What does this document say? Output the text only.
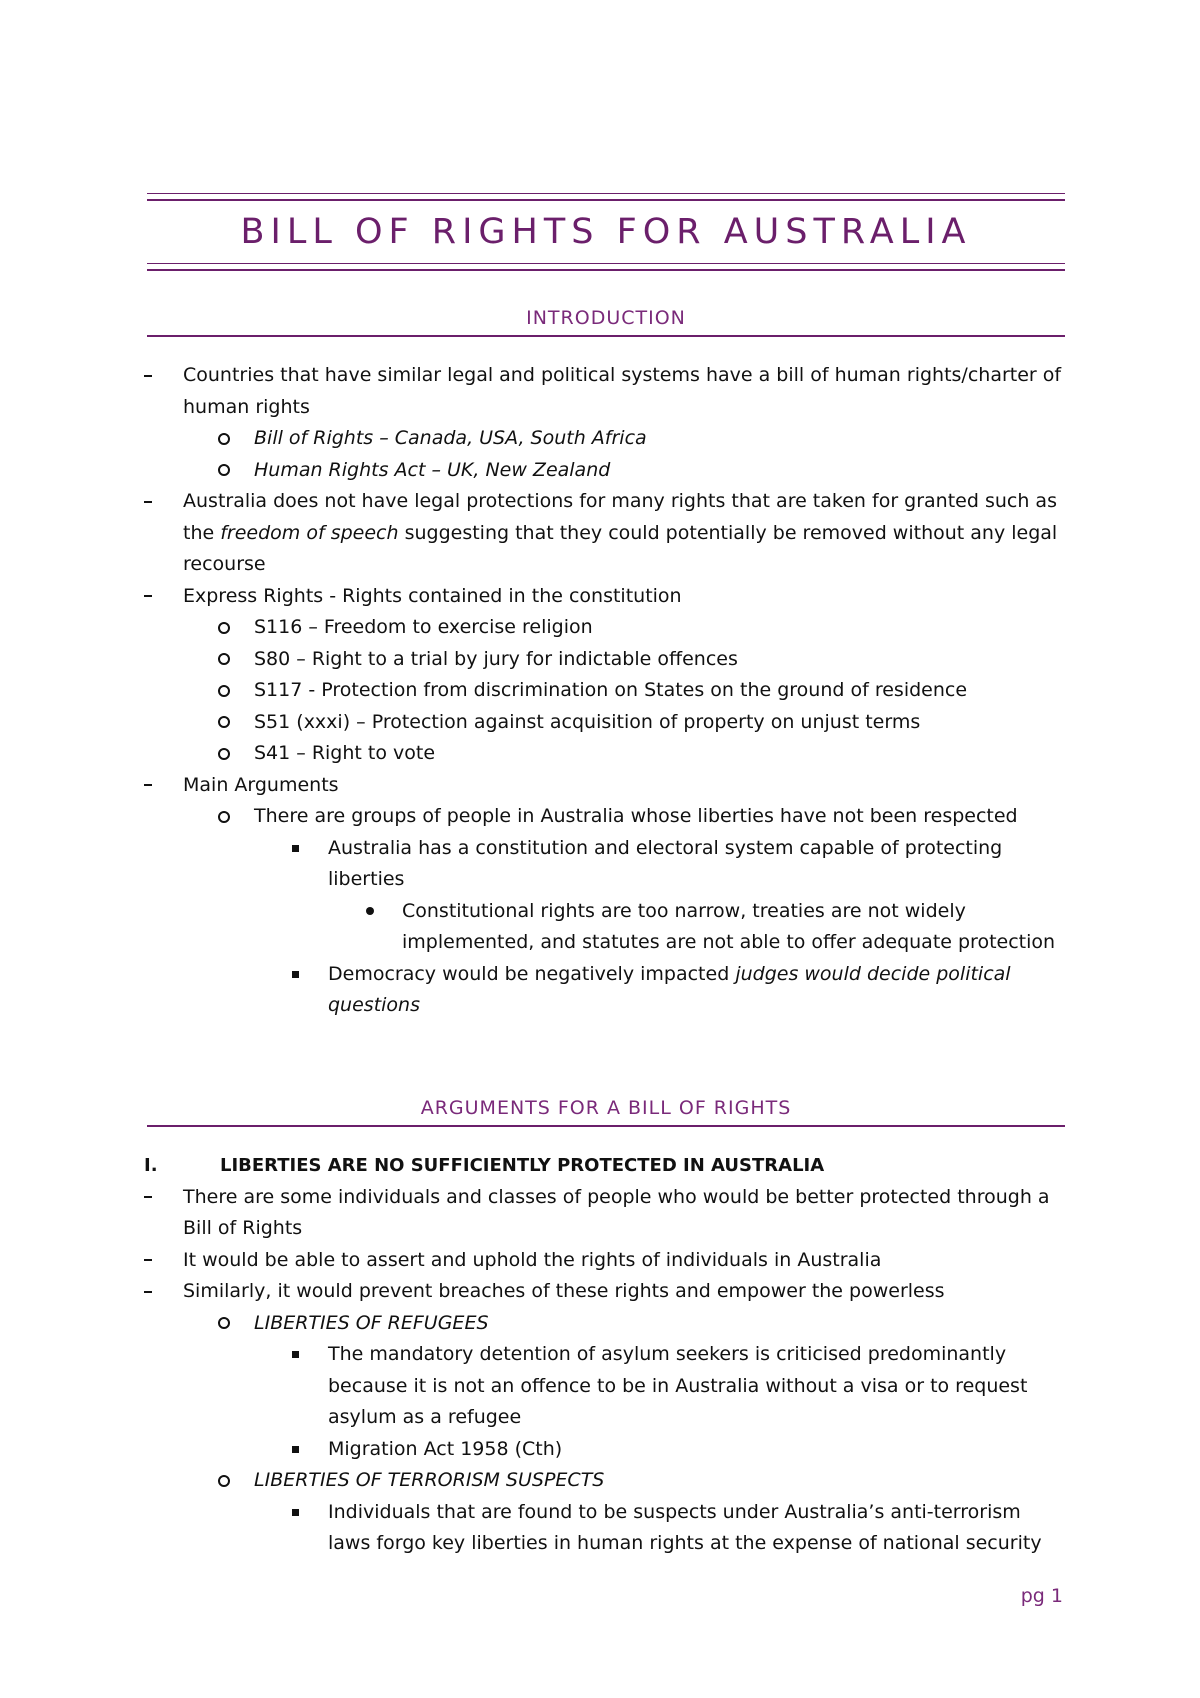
BILL OF RIGHTS FOR AUSTRALIA
INTRODUCTION
Countries that have similar legal and political systems have a bill of human rights/charter of human rights
Bill of Rights – Canada, USA, South Africa
Human Rights Act – UK, New Zealand
Australia does not have legal protections for many rights that are taken for granted such as the freedom of speech suggesting that they could potentially be removed without any legal recourse
Express Rights - Rights contained in the constitution
S116 – Freedom to exercise religion
S80 – Right to a trial by jury for indictable offences
S117 - Protection from discrimination on States on the ground of residence
S51 (xxxi) – Protection against acquisition of property on unjust terms
S41 – Right to vote
Main Arguments
There are groups of people in Australia whose liberties have not been respected
Australia has a constitution and electoral system capable of protecting liberties
Constitutional rights are too narrow, treaties are not widely implemented, and statutes are not able to offer adequate protection
Democracy would be negatively impacted judges would decide political questions
ARGUMENTS FOR A BILL OF RIGHTS
I.	LIBERTIES ARE NO SUFFICIENTLY PROTECTED IN AUSTRALIA
There are some individuals and classes of people who would be better protected through a Bill of Rights
It would be able to assert and uphold the rights of individuals in Australia
Similarly, it would prevent breaches of these rights and empower the powerless
LIBERTIES OF REFUGEES
The mandatory detention of asylum seekers is criticised predominantly because it is not an offence to be in Australia without a visa or to request asylum as a refugee
Migration Act 1958 (Cth)
LIBERTIES OF TERRORISM SUSPECTS
Individuals that are found to be suspects under Australia’s anti-terrorism laws forgo key liberties in human rights at the expense of national security
pg 1
